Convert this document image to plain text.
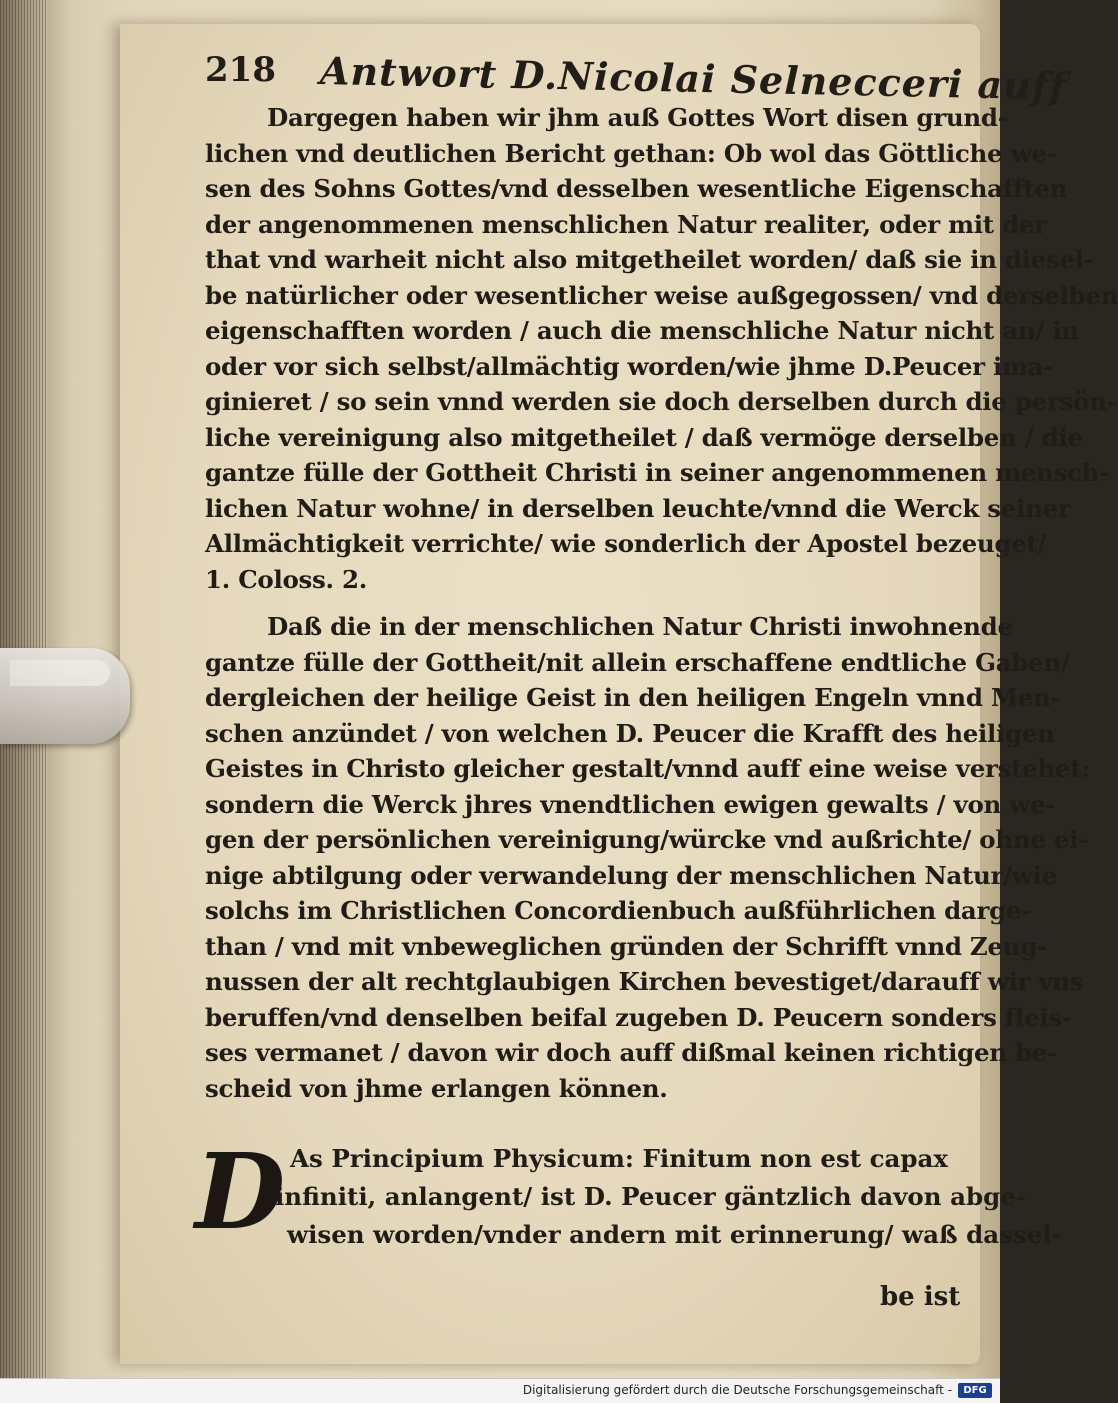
218 Antwort D.Nicolai Selnecceri auff
Dargegen haben wir jhm auß Gottes Wort disen grund-
lichen vnd deutlichen Bericht gethan: Ob wol das Göttliche we-
sen des Sohns Gottes/vnd desselben wesentliche Eigenschafften
der angenommenen menschlichen Natur realiter, oder mit der
that vnd warheit nicht also mitgetheilet worden/ daß sie in diesel-
be natürlicher oder wesentlicher weise außgegossen/ vnd derselben
eigenschafften worden / auch die menschliche Natur nicht an/ in
oder vor sich selbst/allmächtig worden/wie jhme D.Peucer ima-
ginieret / so sein vnnd werden sie doch derselben durch die persön-
liche vereinigung also mitgetheilet / daß vermöge derselben / die
gantze fülle der Gottheit Christi in seiner angenommenen mensch-
lichen Natur wohne/ in derselben leuchte/vnnd die Werck seiner
Allmächtigkeit verrichte/ wie sonderlich der Apostel bezeuget/
1. Coloss. 2.
Daß die in der menschlichen Natur Christi inwohnende
gantze fülle der Gottheit/nit allein erschaffene endtliche Gaben/
dergleichen der heilige Geist in den heiligen Engeln vnnd Men-
schen anzündet / von welchen D. Peucer die Krafft des heiligen
Geistes in Christo gleicher gestalt/vnnd auff eine weise verstehet:
sondern die Werck jhres vnendtlichen ewigen gewalts / von we-
gen der persönlichen vereinigung/würcke vnd außrichte/ ohne ei-
nige abtilgung oder verwandelung der menschlichen Natur/wie
solchs im Christlichen Concordienbuch außführlichen darge-
than / vnd mit vnbeweglichen gründen der Schrifft vnnd Zeug-
nussen der alt rechtglaubigen Kirchen bevestiget/darauff wir vns
beruffen/vnd denselben beifal zugeben D. Peucern sonders fleis-
ses vermanet / davon wir doch auff dißmal keinen richtigen be-
scheid von jhme erlangen können.
D As Principium Physicum: Finitum non est capax
infiniti, anlangent/ ist D. Peucer gäntzlich davon abge-
wisen worden/vnder andern mit erinnerung/ waß dassel-
be ist
Digitalisierung gefördert durch die Deutsche Forschungsgemeinschaft -	DFG
